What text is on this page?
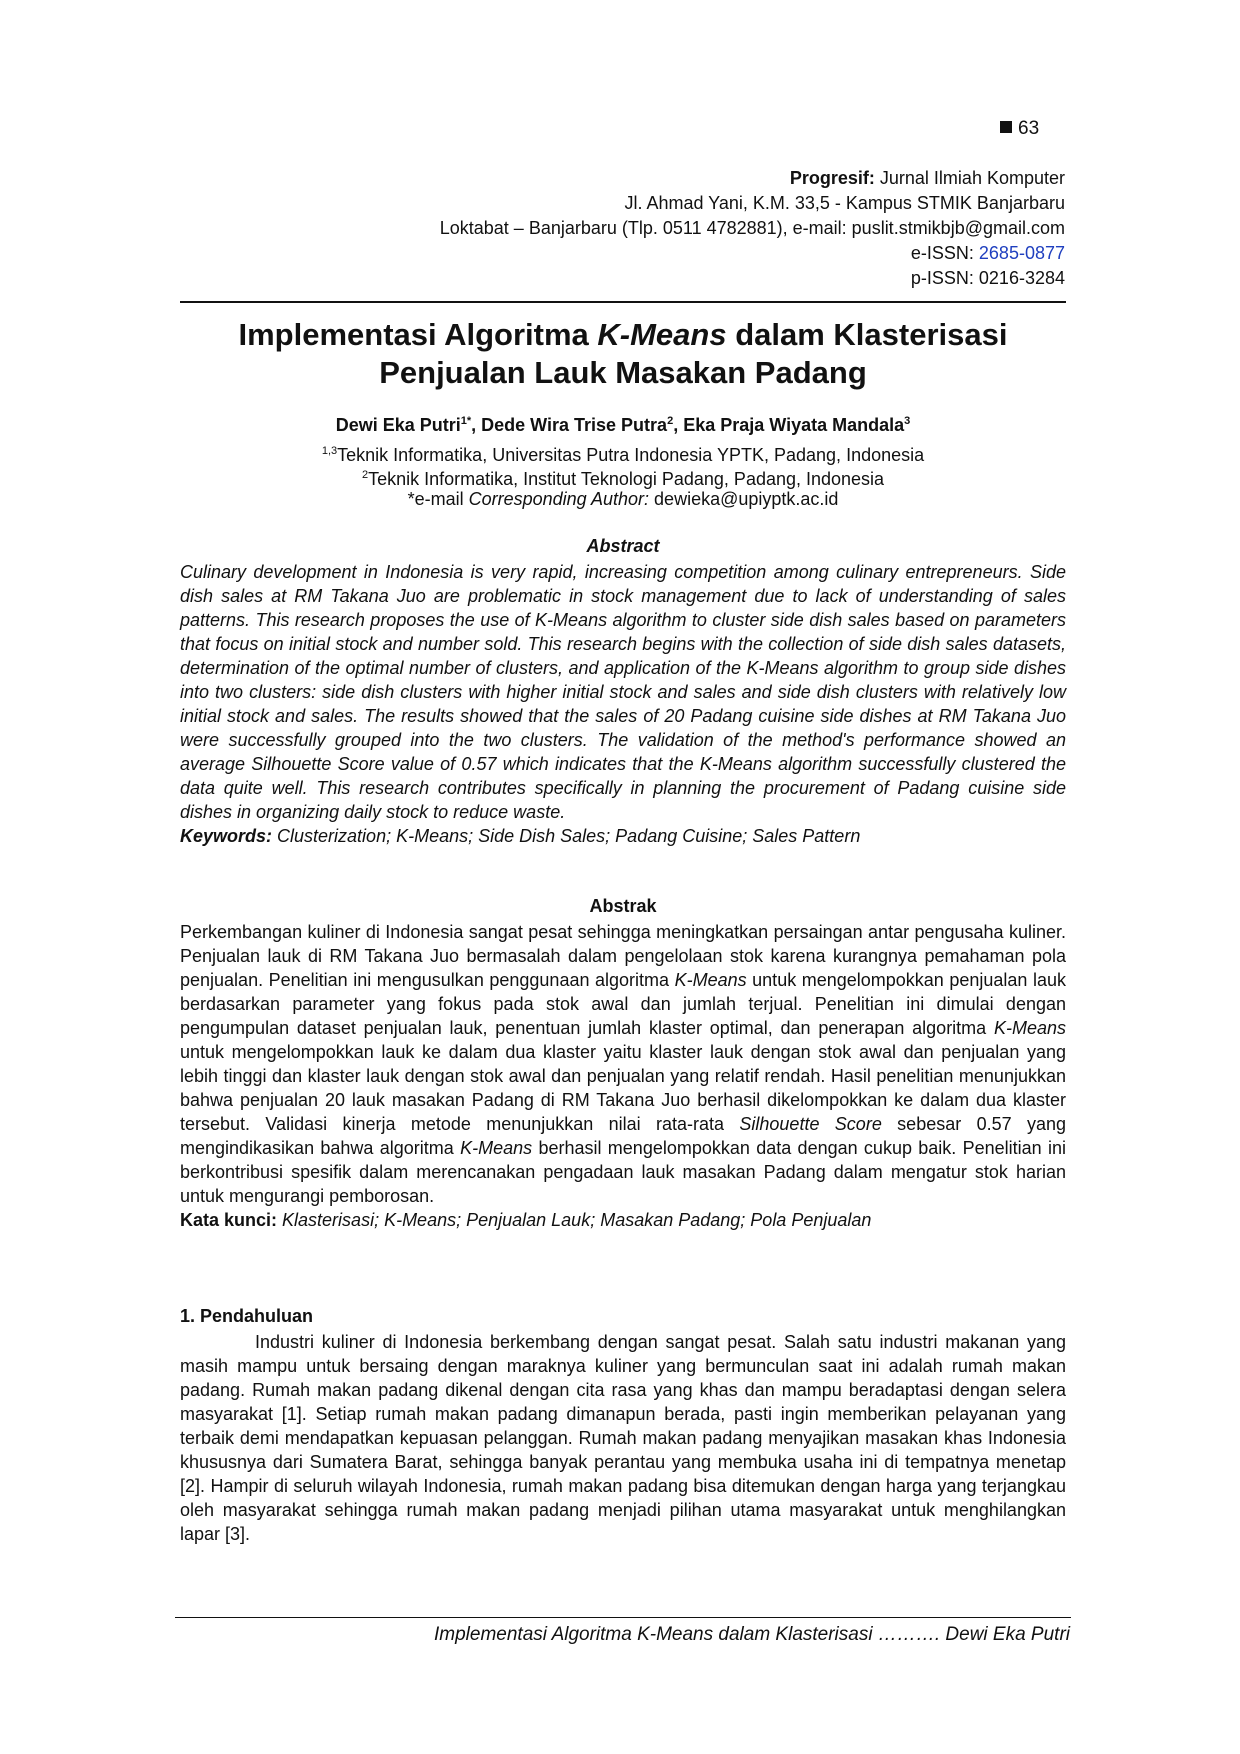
63
Progresif: Jurnal Ilmiah Komputer
Jl. Ahmad Yani, K.M. 33,5 - Kampus STMIK Banjarbaru
Loktabat – Banjarbaru (Tlp. 0511 4782881), e-mail: puslit.stmikbjb@gmail.com
e-ISSN: 2685-0877
p-ISSN: 0216-3284
Implementasi Algoritma K-Means dalam Klasterisasi
Penjualan Lauk Masakan Padang
Dewi Eka Putri$^{1*}$, Dede Wira Trise Putra$^2$, Eka Praja Wiyata Mandala$^3$
$^{1,3}$Teknik Informatika, Universitas Putra Indonesia YPTK, Padang, Indonesia
$^2$Teknik Informatika, Institut Teknologi Padang, Padang, Indonesia
*e-mail Corresponding Author: dewieka@upiyptk.ac.id
Abstract
Culinary development in Indonesia is very rapid, increasing competition among culinary entrepreneurs. Side dish sales at RM Takana Juo are problematic in stock management due to lack of understanding of sales patterns. This research proposes the use of K-Means algorithm to cluster side dish sales based on parameters that focus on initial stock and number sold. This research begins with the collection of side dish sales datasets, determination of the optimal number of clusters, and application of the K-Means algorithm to group side dishes into two clusters: side dish clusters with higher initial stock and sales and side dish clusters with relatively low initial stock and sales. The results showed that the sales of 20 Padang cuisine side dishes at RM Takana Juo were successfully grouped into the two clusters. The validation of the method's performance showed an average Silhouette Score value of 0.57 which indicates that the K-Means algorithm successfully clustered the data quite well. This research contributes specifically in planning the procurement of Padang cuisine side dishes in organizing daily stock to reduce waste.
Keywords: Clusterization; K-Means; Side Dish Sales; Padang Cuisine; Sales Pattern
Abstrak
Perkembangan kuliner di Indonesia sangat pesat sehingga meningkatkan persaingan antar pengusaha kuliner. Penjualan lauk di RM Takana Juo bermasalah dalam pengelolaan stok karena kurangnya pemahaman pola penjualan. Penelitian ini mengusulkan penggunaan algoritma K-Means untuk mengelompokkan penjualan lauk berdasarkan parameter yang fokus pada stok awal dan jumlah terjual. Penelitian ini dimulai dengan pengumpulan dataset penjualan lauk, penentuan jumlah klaster optimal, dan penerapan algoritma K-Means untuk mengelompokkan lauk ke dalam dua klaster yaitu klaster lauk dengan stok awal dan penjualan yang lebih tinggi dan klaster lauk dengan stok awal dan penjualan yang relatif rendah. Hasil penelitian menunjukkan bahwa penjualan 20 lauk masakan Padang di RM Takana Juo berhasil dikelompokkan ke dalam dua klaster tersebut. Validasi kinerja metode menunjukkan nilai rata-rata Silhouette Score sebesar 0.57 yang mengindikasikan bahwa algoritma K-Means berhasil mengelompokkan data dengan cukup baik. Penelitian ini berkontribusi spesifik dalam merencanakan pengadaan lauk masakan Padang dalam mengatur stok harian untuk mengurangi pemborosan.
Kata kunci: Klasterisasi; K-Means; Penjualan Lauk; Masakan Padang; Pola Penjualan
1. Pendahuluan
Industri kuliner di Indonesia berkembang dengan sangat pesat. Salah satu industri makanan yang masih mampu untuk bersaing dengan maraknya kuliner yang bermunculan saat ini adalah rumah makan padang. Rumah makan padang dikenal dengan cita rasa yang khas dan mampu beradaptasi dengan selera masyarakat [1]. Setiap rumah makan padang dimanapun berada, pasti ingin memberikan pelayanan yang terbaik demi mendapatkan kepuasan pelanggan. Rumah makan padang menyajikan masakan khas Indonesia khususnya dari Sumatera Barat, sehingga banyak perantau yang membuka usaha ini di tempatnya menetap [2]. Hampir di seluruh wilayah Indonesia, rumah makan padang bisa ditemukan dengan harga yang terjangkau oleh masyarakat sehingga rumah makan padang menjadi pilihan utama masyarakat untuk menghilangkan lapar [3].
Implementasi Algoritma K-Means dalam Klasterisasi ………. Dewi Eka Putri
